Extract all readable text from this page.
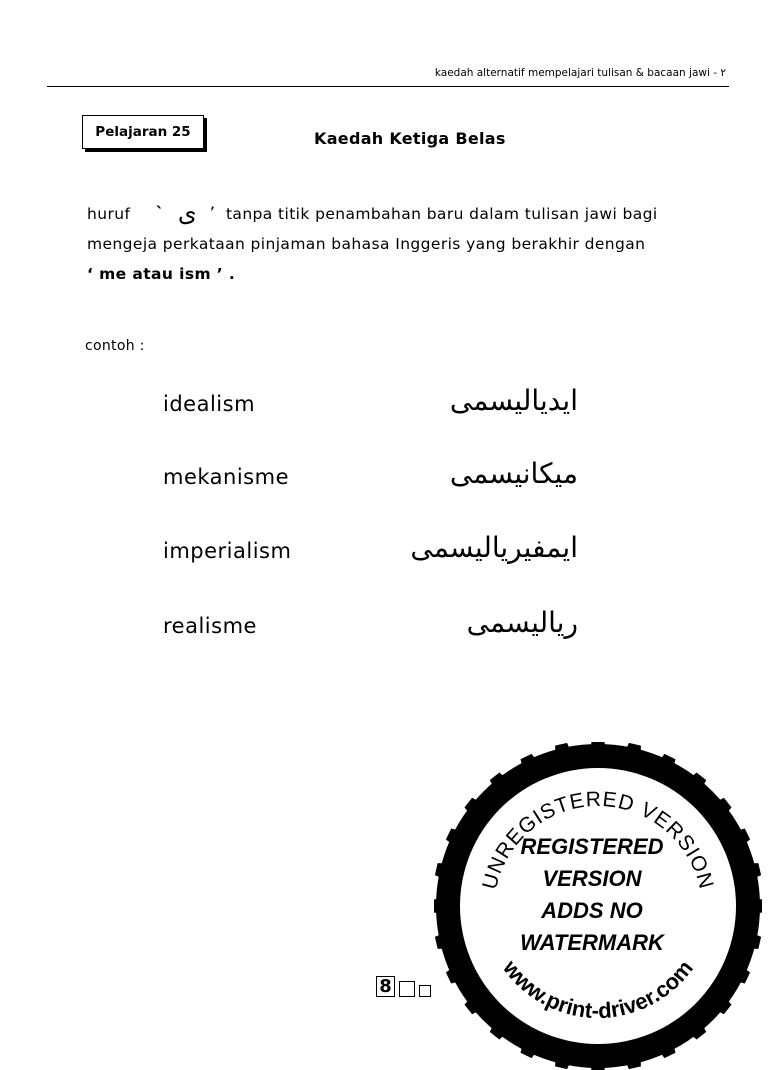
kaedah alternatif mempelajari tulisan & bacaan jawi - ٢
Pelajaran 25	Kaedah Ketiga Belas
huruf ` ى ’ tanpa titik penambahan baru dalam tulisan jawi bagi
mengeja perkataan pinjaman bahasa Inggeris yang berakhir dengan
‘ me atau ism ’ .
contoh :
idealism	ايدياليسمى
mekanisme	ميكانيسمى
imperialism	ايمفيرياليسمى
realisme	رياليسمى
UNREGISTERED VERSION
REGISTERED
VERSION
ADDS NO
WATERMARK
www.print-driver.com
8
